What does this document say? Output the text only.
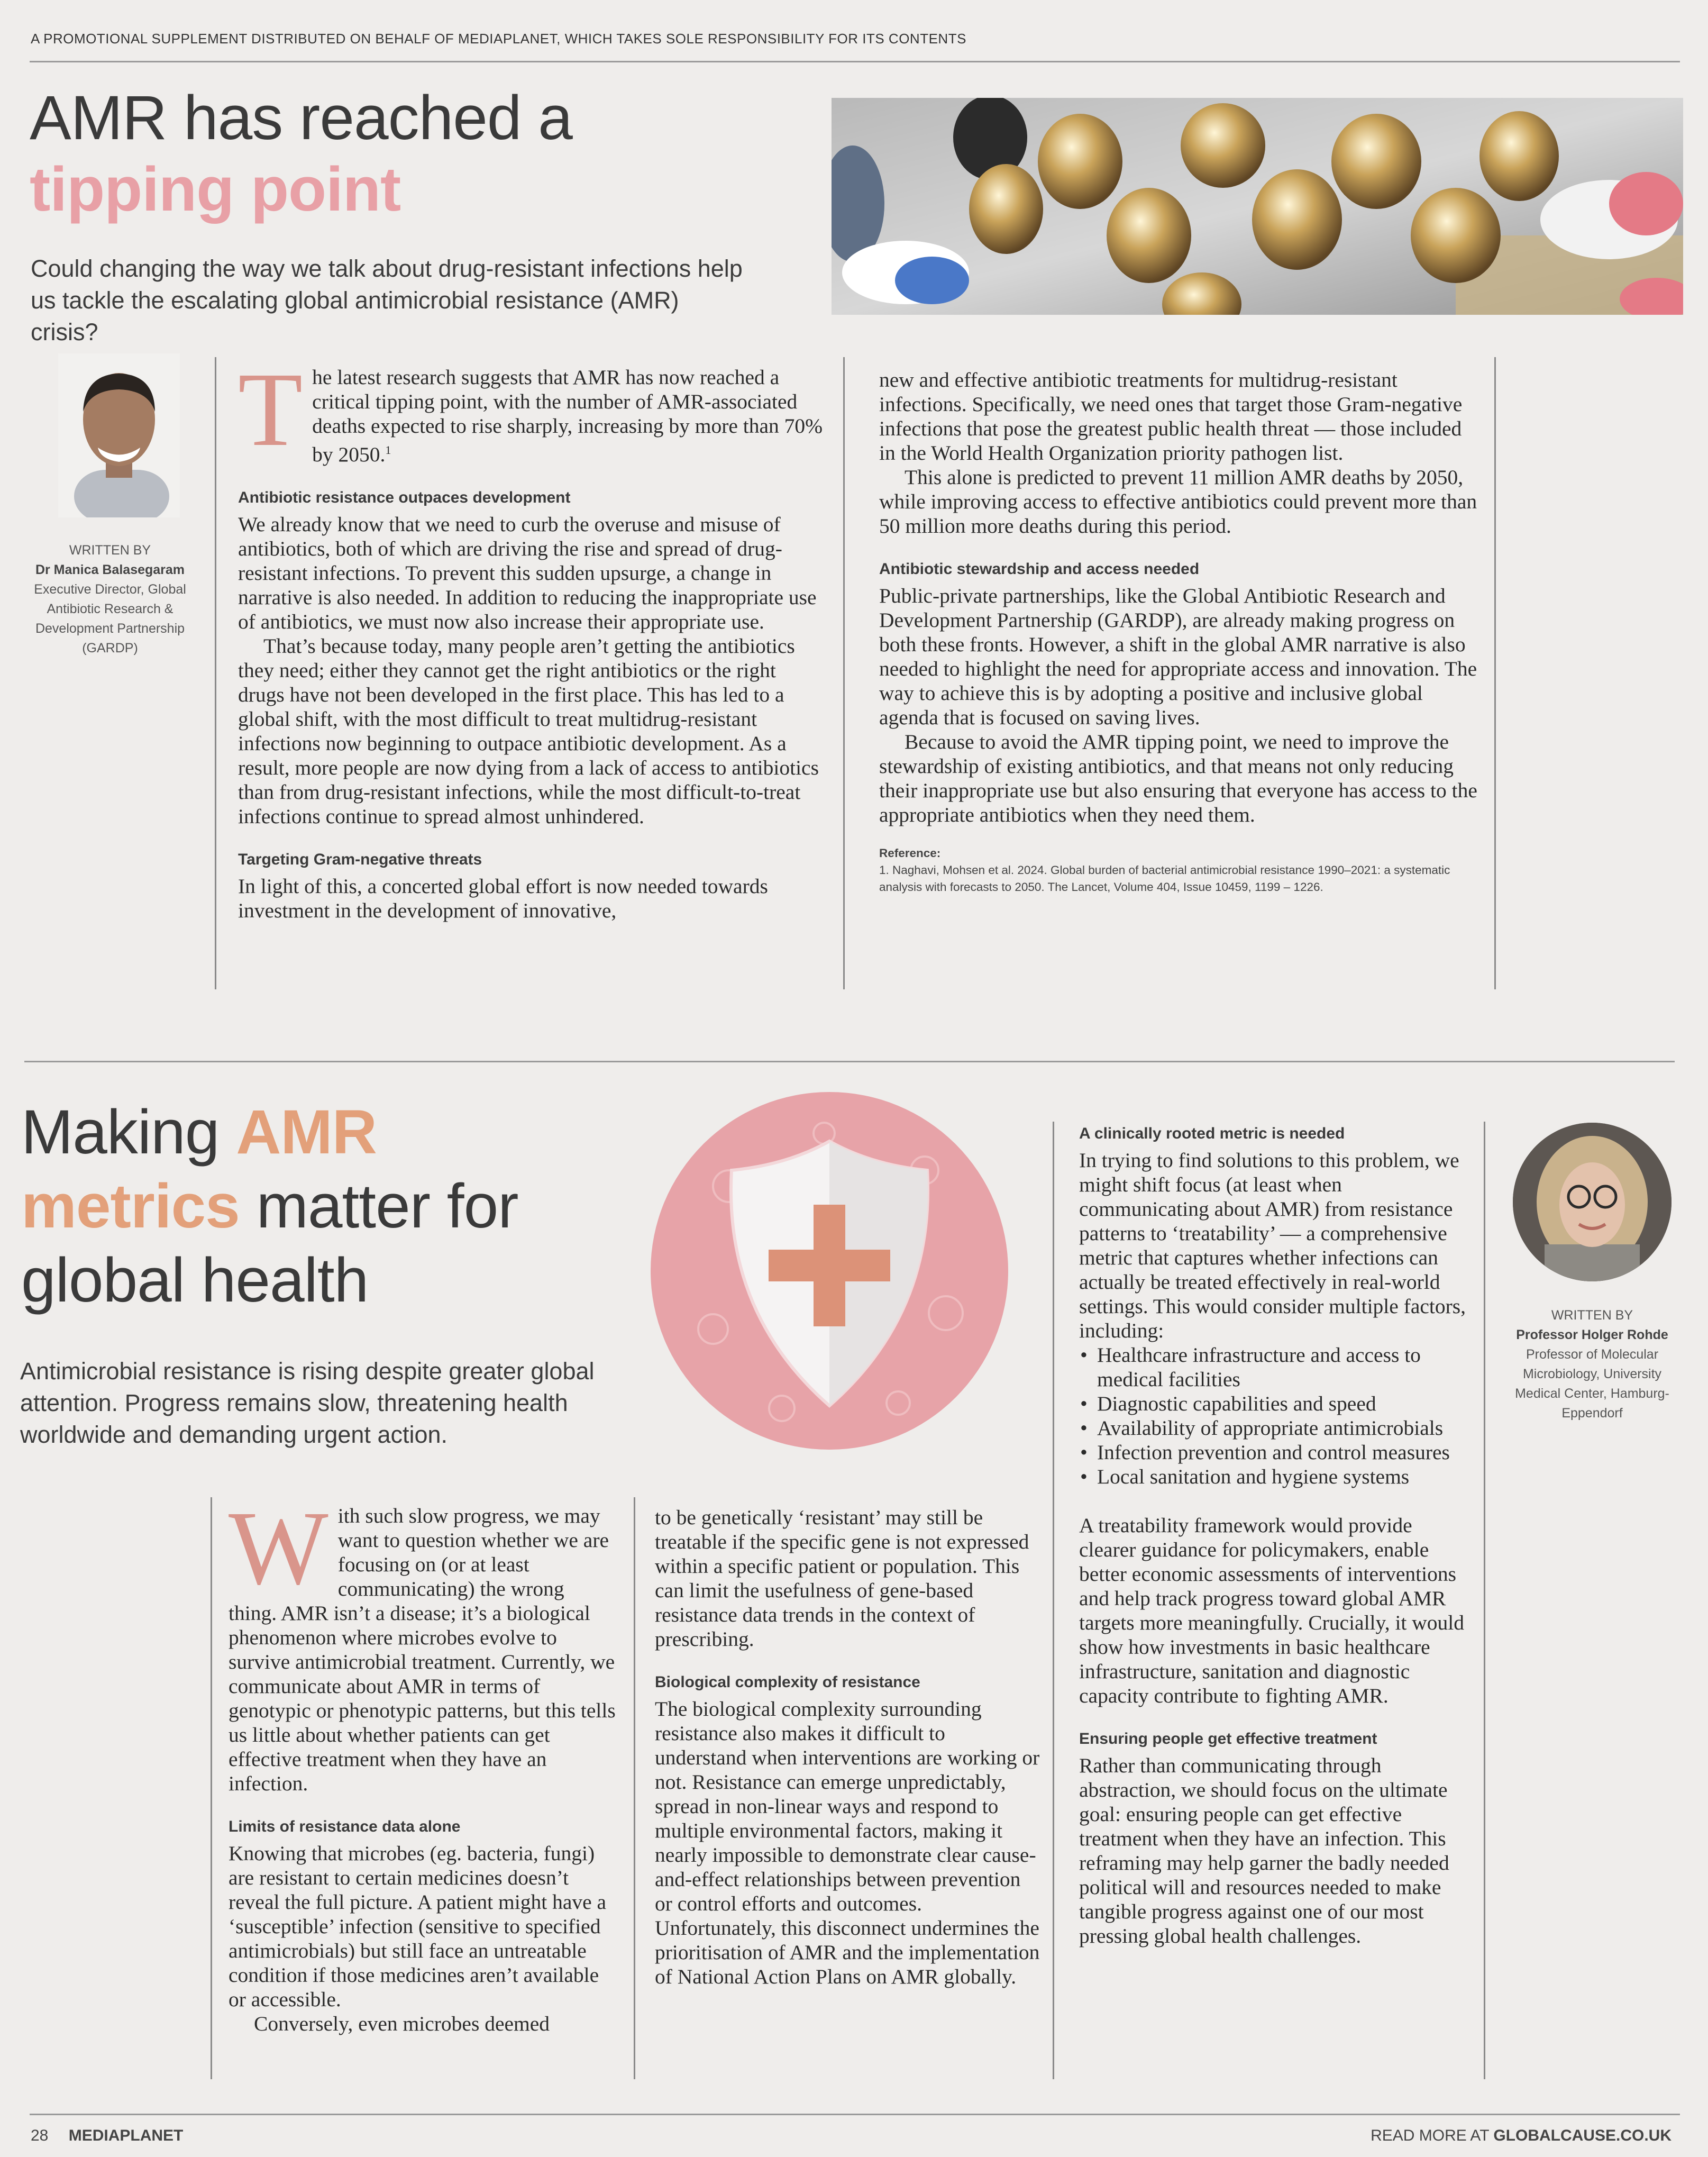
A PROMOTIONAL SUPPLEMENT DISTRIBUTED ON BEHALF OF MEDIAPLANET, WHICH TAKES SOLE RESPONSIBILITY FOR ITS CONTENTS
AMR has reached a
tipping point
Could changing the way we talk about drug-resistant infections help us tackle the escalating global antimicrobial resistance (AMR) crisis?
WRITTEN BY
Dr Manica Balasegaram
Executive Director, Global Antibiotic Research & Development Partnership (GARDP)
T he latest research suggests that AMR has now reached a critical tipping point, with the number of AMR-associated deaths expected to rise sharply, increasing by more than 70% by 2050.$^1$

Antibiotic resistance outpaces development

We already know that we need to curb the overuse and misuse of antibiotics, both of which are driving the rise and spread of drug-resistant infections. To prevent this sudden upsurge, a change in narrative is also needed. In addition to reducing the inappropriate use of antibiotics, we must now also increase their appropriate use.

That’s because today, many people aren’t getting the antibiotics they need; either they cannot get the right antibiotics or the right drugs have not been developed in the first place. This has led to a global shift, with the most difficult to treat multidrug-resistant infections now beginning to outpace antibiotic development. As a result, more people are now dying from a lack of access to antibiotics than from drug-resistant infections, while the most difficult-to-treat infections continue to spread almost unhindered.

Targeting Gram-negative threats

In light of this, a concerted global effort is now needed towards investment in the development of innovative,

new and effective antibiotic treatments for multidrug-resistant infections. Specifically, we need ones that target those Gram-negative infections that pose the greatest public health threat — those included in the World Health Organization priority pathogen list.

This alone is predicted to prevent 11 million AMR deaths by 2050, while improving access to effective antibiotics could prevent more than 50 million more deaths during this period.

Antibiotic stewardship and access needed

Public-private partnerships, like the Global Antibiotic Research and Development Partnership (GARDP), are already making progress on both these fronts. However, a shift in the global AMR narrative is also needed to highlight the need for appropriate access and innovation. The way to achieve this is by adopting a positive and inclusive global agenda that is focused on saving lives.

Because to avoid the AMR tipping point, we need to improve the stewardship of existing antibiotics, and that means not only reducing their inappropriate use but also ensuring that everyone has access to the appropriate antibiotics when they need them.

Reference:
1. Naghavi, Mohsen et al. 2024. Global burden of bacterial antimicrobial resistance 1990–2021: a systematic analysis with forecasts to 2050. The Lancet, Volume 404, Issue 10459, 1199 – 1226.
Making AMR
metrics matter for
global health
Antimicrobial resistance is rising despite greater global attention. Progress remains slow, threatening health worldwide and demanding urgent action.
WRITTEN BY
Professor Holger Rohde
Professor of Molecular Microbiology, University Medical Center, Hamburg-Eppendorf
W ith such slow progress, we may want to question whether we are focusing on (or at least communicating) the wrong thing. AMR isn’t a disease; it’s a biological phenomenon where microbes evolve to survive antimicrobial treatment. Currently, we communicate about AMR in terms of genotypic or phenotypic patterns, but this tells us little about whether patients can get effective treatment when they have an infection.

Limits of resistance data alone

Knowing that microbes (eg. bacteria, fungi) are resistant to certain medicines doesn’t reveal the full picture. A patient might have a ‘susceptible’ infection (sensitive to specified antimicrobials) but still face an untreatable condition if those medicines aren’t available or accessible.

Conversely, even microbes deemed

to be genetically ‘resistant’ may still be treatable if the specific gene is not expressed within a specific patient or population. This can limit the usefulness of gene-based resistance data trends in the context of prescribing.

Biological complexity of resistance

The biological complexity surrounding resistance also makes it difficult to understand when interventions are working or not. Resistance can emerge unpredictably, spread in non-linear ways and respond to multiple environmental factors, making it nearly impossible to demonstrate clear cause-and-effect relationships between prevention or control efforts and outcomes. Unfortunately, this disconnect undermines the prioritisation of AMR and the implementation of National Action Plans on AMR globally.

A clinically rooted metric is needed

In trying to find solutions to this problem, we might shift focus (at least when communicating about AMR) from resistance patterns to ‘treatability’ — a comprehensive metric that captures whether infections can actually be treated effectively in real-world settings. This would consider multiple factors, including:

• Healthcare infrastructure and access to medical facilities
• Diagnostic capabilities and speed
• Availability of appropriate antimicrobials
• Infection prevention and control measures
• Local sanitation and hygiene systems

A treatability framework would provide clearer guidance for policymakers, enable better economic assessments of interventions and help track progress toward global AMR targets more meaningfully. Crucially, it would show how investments in basic healthcare infrastructure, sanitation and diagnostic capacity contribute to fighting AMR.

Ensuring people get effective treatment

Rather than communicating through abstraction, we should focus on the ultimate goal: ensuring people can get effective treatment when they have an infection. This reframing may help garner the badly needed political will and resources needed to make tangible progress against one of our most pressing global health challenges.

28 MEDIAPLANET	READ MORE AT GLOBALCAUSE.CO.UK
